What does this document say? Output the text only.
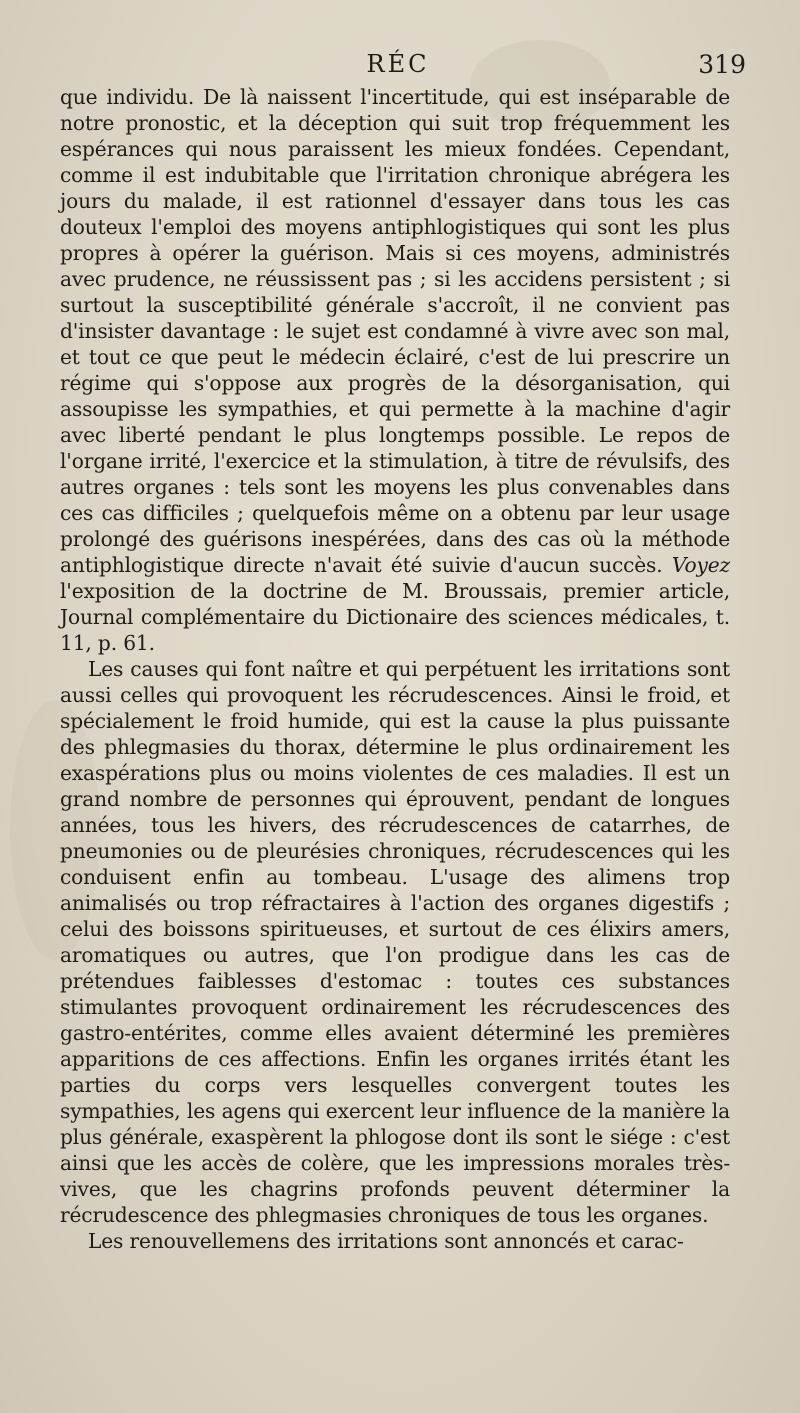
RÉC	319

que individu. De là naissent l'incertitude, qui est inséparable de notre pronostic, et la déception qui suit trop fréquemment les espérances qui nous paraissent les mieux fondées. Cependant, comme il est indubitable que l'irritation chronique abrégera les jours du malade, il est rationnel d'essayer dans tous les cas douteux l'emploi des moyens antiphlogistiques qui sont les plus propres à opérer la guérison. Mais si ces moyens, administrés avec prudence, ne réussissent pas ; si les accidens persistent ; si surtout la susceptibilité générale s'accroît, il ne convient pas d'insister davantage : le sujet est condamné à vivre avec son mal, et tout ce que peut le médecin éclairé, c'est de lui prescrire un régime qui s'oppose aux progrès de la désorganisation, qui assoupisse les sympathies, et qui permette à la machine d'agir avec liberté pendant le plus longtemps possible. Le repos de l'organe irrité, l'exercice et la stimulation, à titre de révulsifs, des autres organes : tels sont les moyens les plus convenables dans ces cas difficiles ; quelquefois même on a obtenu par leur usage prolongé des guérisons inespérées, dans des cas où la méthode antiphlogistique directe n'avait été suivie d'aucun succès. Voyez l'exposition de la doctrine de M. Broussais, premier article, Journal complémentaire du Dictionaire des sciences médicales, t. 11, p. 61.

Les causes qui font naître et qui perpétuent les irritations sont aussi celles qui provoquent les récrudescences. Ainsi le froid, et spécialement le froid humide, qui est la cause la plus puissante des phlegmasies du thorax, détermine le plus ordinairement les exaspérations plus ou moins violentes de ces maladies. Il est un grand nombre de personnes qui éprouvent, pendant de longues années, tous les hivers, des récrudescences de catarrhes, de pneumonies ou de pleurésies chroniques, récrudescences qui les conduisent enfin au tombeau. L'usage des alimens trop animalisés ou trop réfractaires à l'action des organes digestifs ; celui des boissons spiritueuses, et surtout de ces élixirs amers, aromatiques ou autres, que l'on prodigue dans les cas de prétendues faiblesses d'estomac : toutes ces substances stimulantes provoquent ordinairement les récrudescences des gastro-entérites, comme elles avaient déterminé les premières apparitions de ces affections. Enfin les organes irrités étant les parties du corps vers lesquelles convergent toutes les sympathies, les agens qui exercent leur influence de la manière la plus générale, exaspèrent la phlogose dont ils sont le siége : c'est ainsi que les accès de colère, que les impressions morales très-vives, que les chagrins profonds peuvent déterminer la récrudescence des phlegmasies chroniques de tous les organes.

Les renouvellemens des irritations sont annoncés et carac-
